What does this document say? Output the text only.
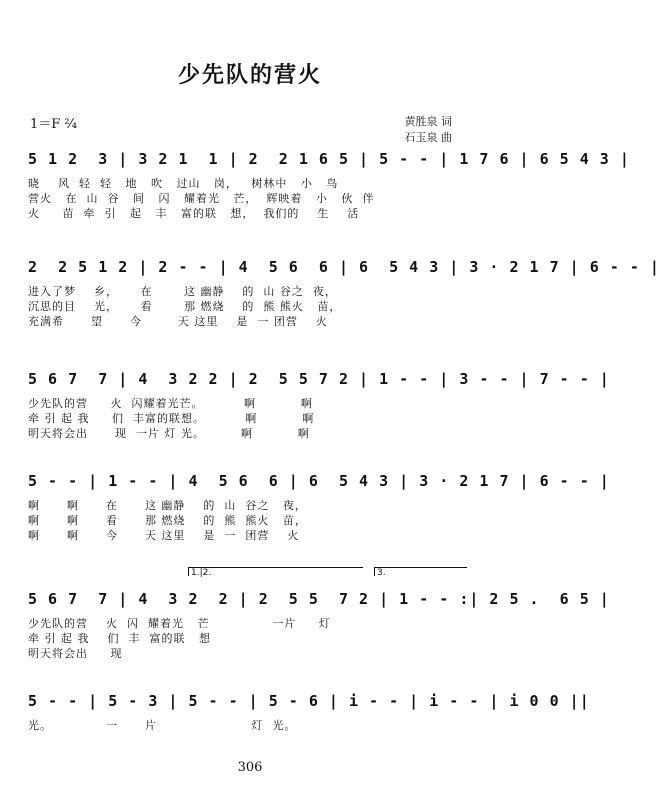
少先队的营火
1＝F ²⁄₄	黄胜泉 词
石玉泉 曲
5 1 2  3 | 3 2 1  1 | 2  2 1 6 5 | 5 - - | 1 7 6 | 6 5 4 3 |
晓    风  轻  轻   地   吹   过山   岗，   树林中   小   鸟
营火   在  山  谷   间   闪   耀着光   芒，  辉映着   小   伙  伴
火     苗  牵  引   起   丰   富的联   想，  我们的    生    活
2  2 5 1 2 | 2 - - | 4  5 6  6 | 6  5 4 3 | 3 · 2 1 7 | 6 - - |
进入了梦    乡，     在       这 幽静    的  山 谷之  夜，
沉思的目    光，     看       那 燃烧    的  熊 熊火   苗，
充满希      望      今        天 这里    是  一 团营    火
5 6 7  7 | 4  3 2 2 | 2  5 5 7 2 | 1 - - | 3 - - | 7 - - |
少先队的营     火  闪耀着光芒。         啊          啊
牵 引 起 我     们  丰富的联想。         啊          啊
明天将会出      现  一片 灯 光。        啊          啊
5 - - | 1 - - | 4  5 6  6 | 6  5 4 3 | 3 · 2 1 7 | 6 - - |
啊      啊      在      这 幽静    的  山  谷之   夜，
啊      啊      看      那 燃烧    的  熊  熊火   苗，
啊      啊      今      天 这里    是  一  团营    火
1.|2.	3.
5 6 7  7 | 4  3 2  2 | 2  5 5  7 2 | 1 - - :| 2 5 .  6 5 |
少先队的营    火  闪  耀着光   芒              一片     灯
牵 引 起 我    们  丰  富的联   想
明天将会出     现
5 - - | 5 - 3 | 5 - - | 5 - 6 | i - - | i - - | i 0 0 ||
光。            一      片                     灯  光。
306
